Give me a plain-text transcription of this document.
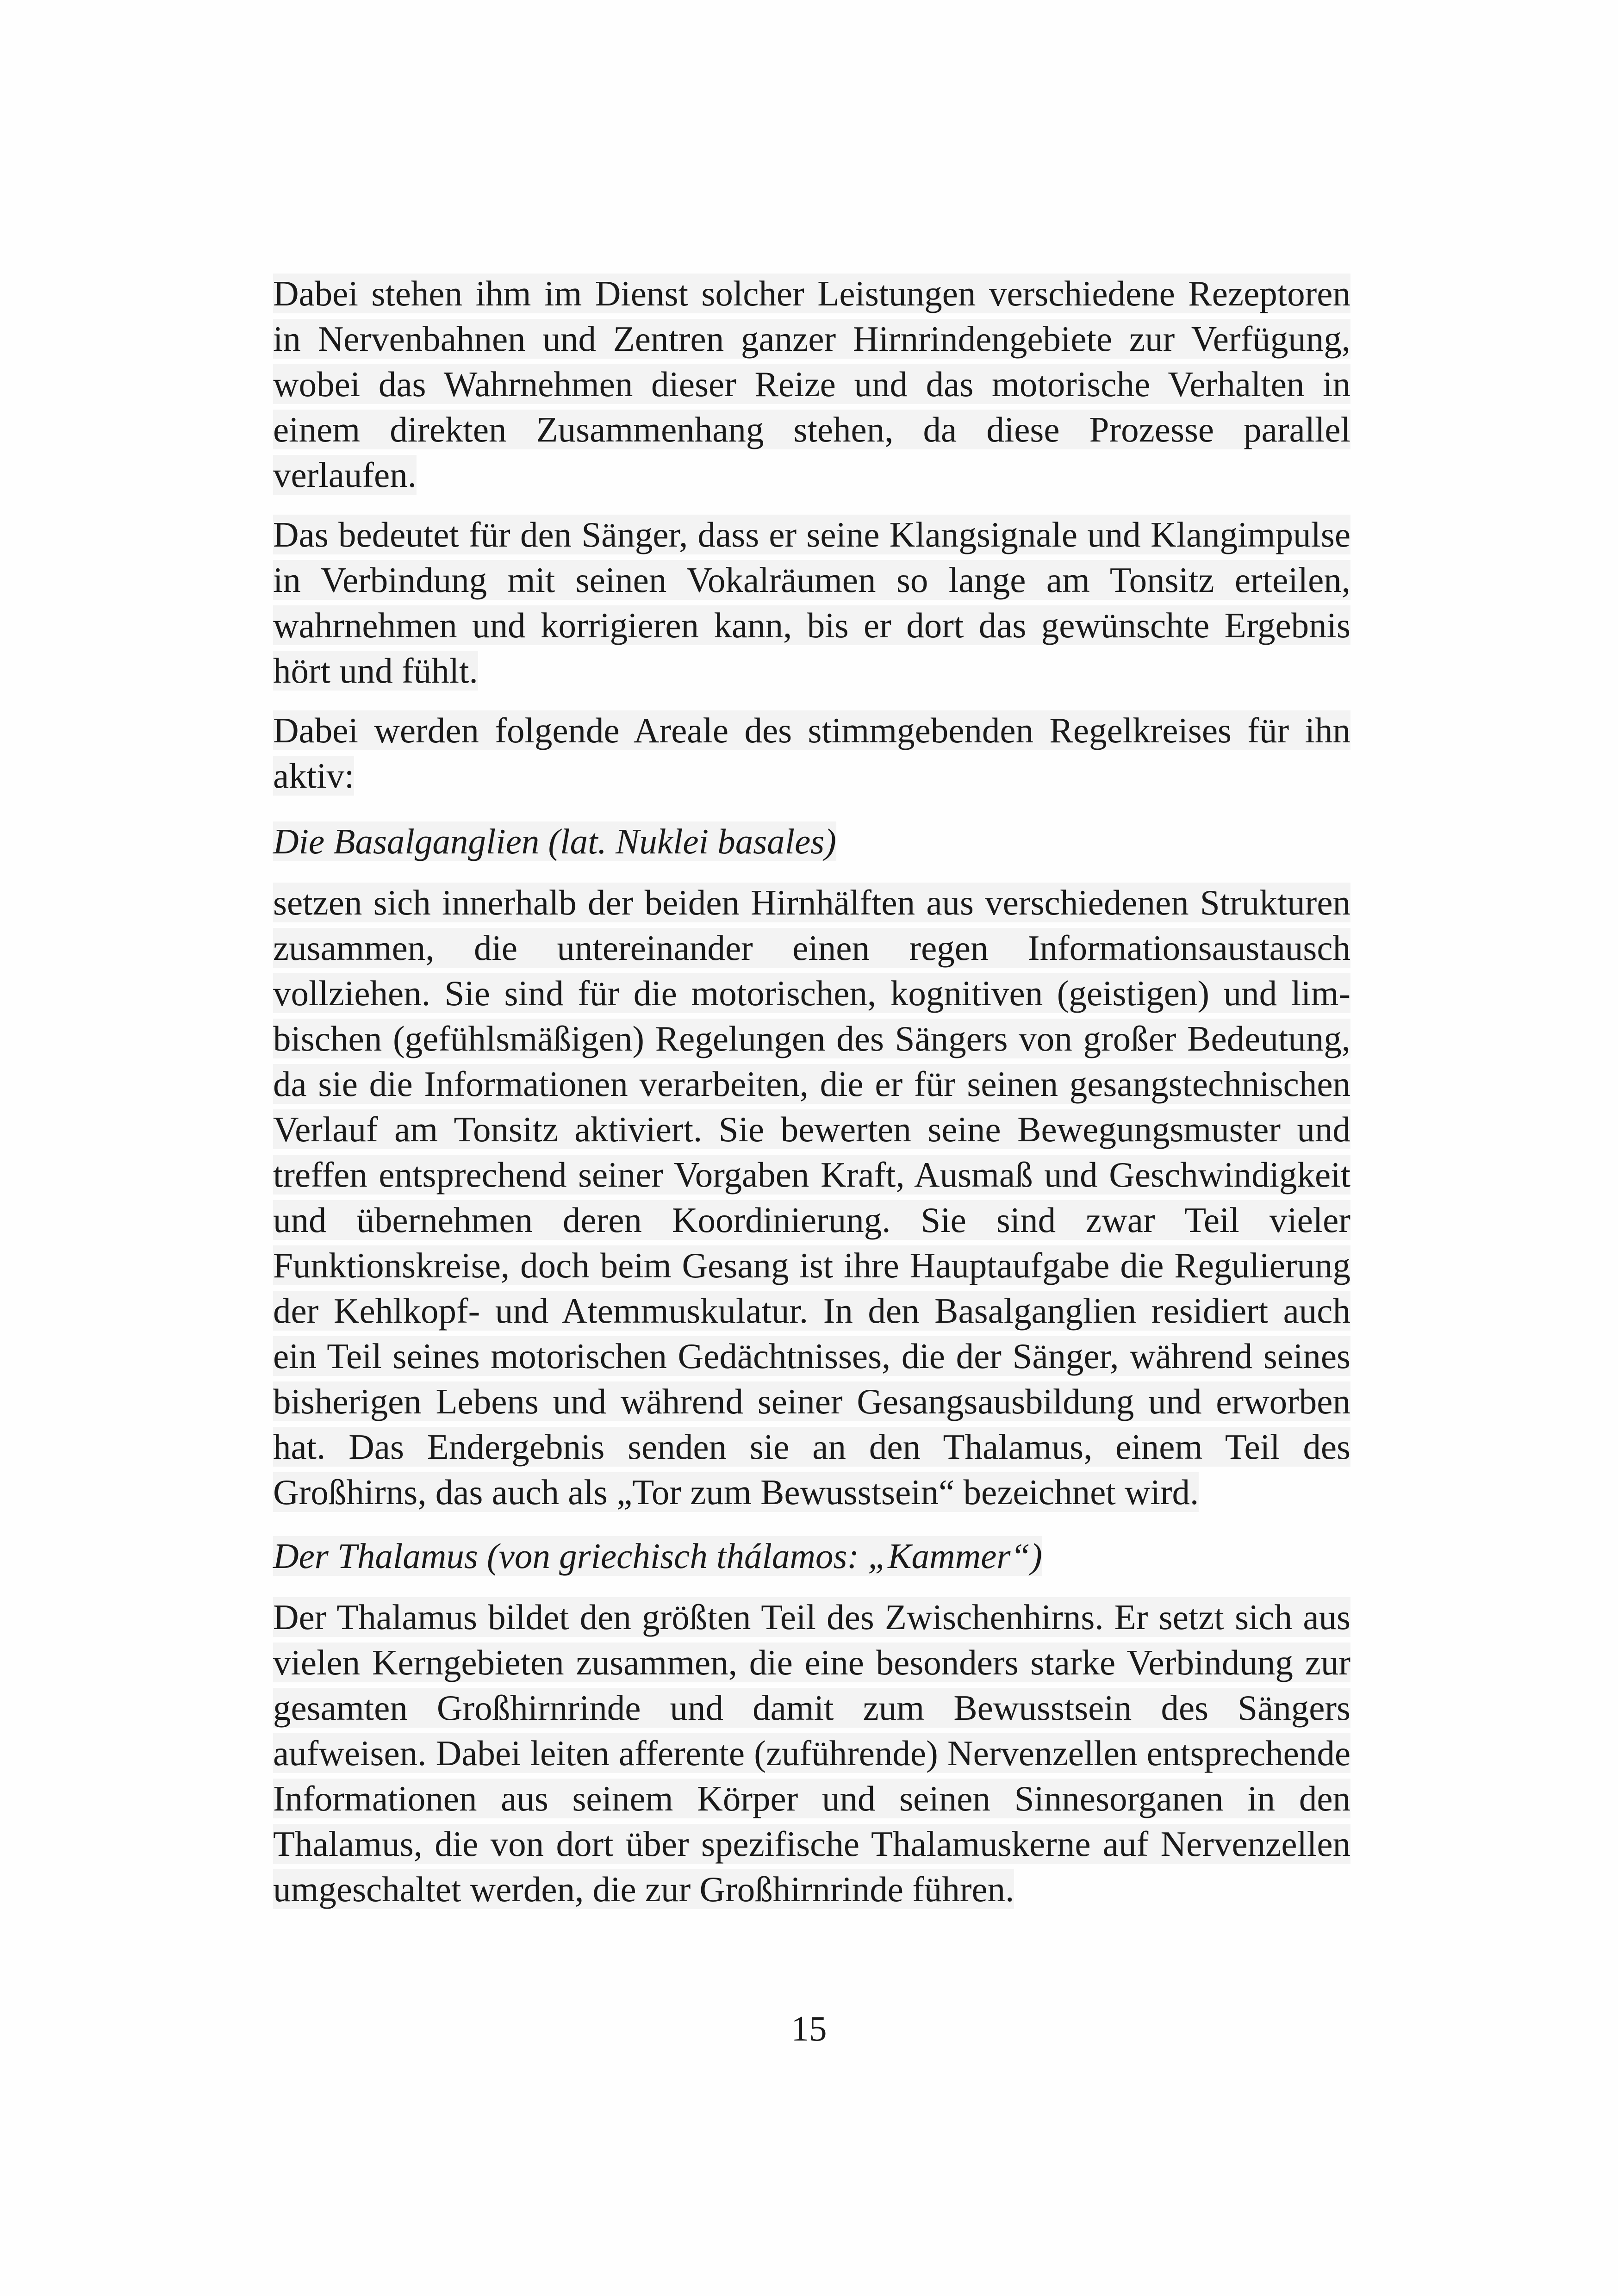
Dabei stehen ihm im Dienst solcher Leistungen verschiedene Rezeptoren in Nervenbahnen und Zentren ganzer Hirnrindengebiete zur Verfügung, wobei das Wahrnehmen dieser Reize und das motorische Verhalten in einem direkten Zusammenhang stehen, da diese Prozesse parallel verlaufen.

Das bedeutet für den Sänger, dass er seine Klangsignale und Klangimpulse in Verbindung mit seinen Vokalräumen so lange am Tonsitz erteilen, wahrnehmen und korrigieren kann, bis er dort das gewünschte Ergebnis hört und fühlt.

Dabei werden folgende Areale des stimmgebenden Regelkreises für ihn aktiv:

Die Basalganglien (lat. Nuklei basales)

setzen sich innerhalb der beiden Hirnhälften aus verschiedenen Strukturen zusammen, die untereinander einen regen Informationsaustausch vollziehen. Sie sind für die motorischen, kognitiven (geistigen) und limbischen (gefühlsmäßigen) Regelungen des Sängers von großer Bedeutung, da sie die Informationen verarbeiten, die er für seinen gesangstechnischen Verlauf am Tonsitz aktiviert. Sie bewerten seine Bewegungsmuster und treffen entsprechend seiner Vorgaben Kraft, Ausmaß und Geschwindigkeit und übernehmen deren Koordinierung. Sie sind zwar Teil vieler Funktionskreise, doch beim Gesang ist ihre Hauptaufgabe die Regulierung der Kehlkopf- und Atemmuskulatur. In den Basalganglien residiert auch ein Teil seines motorischen Gedächtnisses, die der Sänger, während seines bisherigen Lebens und während seiner Gesangsausbildung und erworben hat. Das Endergebnis senden sie an den Thalamus, einem Teil des Großhirns, das auch als „Tor zum Bewusstsein“ bezeichnet wird.

Der Thalamus (von griechisch thálamos: „Kammer“)

Der Thalamus bildet den größten Teil des Zwischenhirns. Er setzt sich aus vielen Kerngebieten zusammen, die eine besonders starke Verbindung zur gesamten Großhirnrinde und damit zum Bewusstsein des Sängers aufweisen. Dabei leiten afferente (zuführende) Nervenzellen entsprechende Informationen aus seinem Körper und seinen Sinnesorganen in den Thalamus, die von dort über spezifische Thalamuskerne auf Nervenzellen umgeschaltet werden, die zur Großhirnrinde führen.

15
